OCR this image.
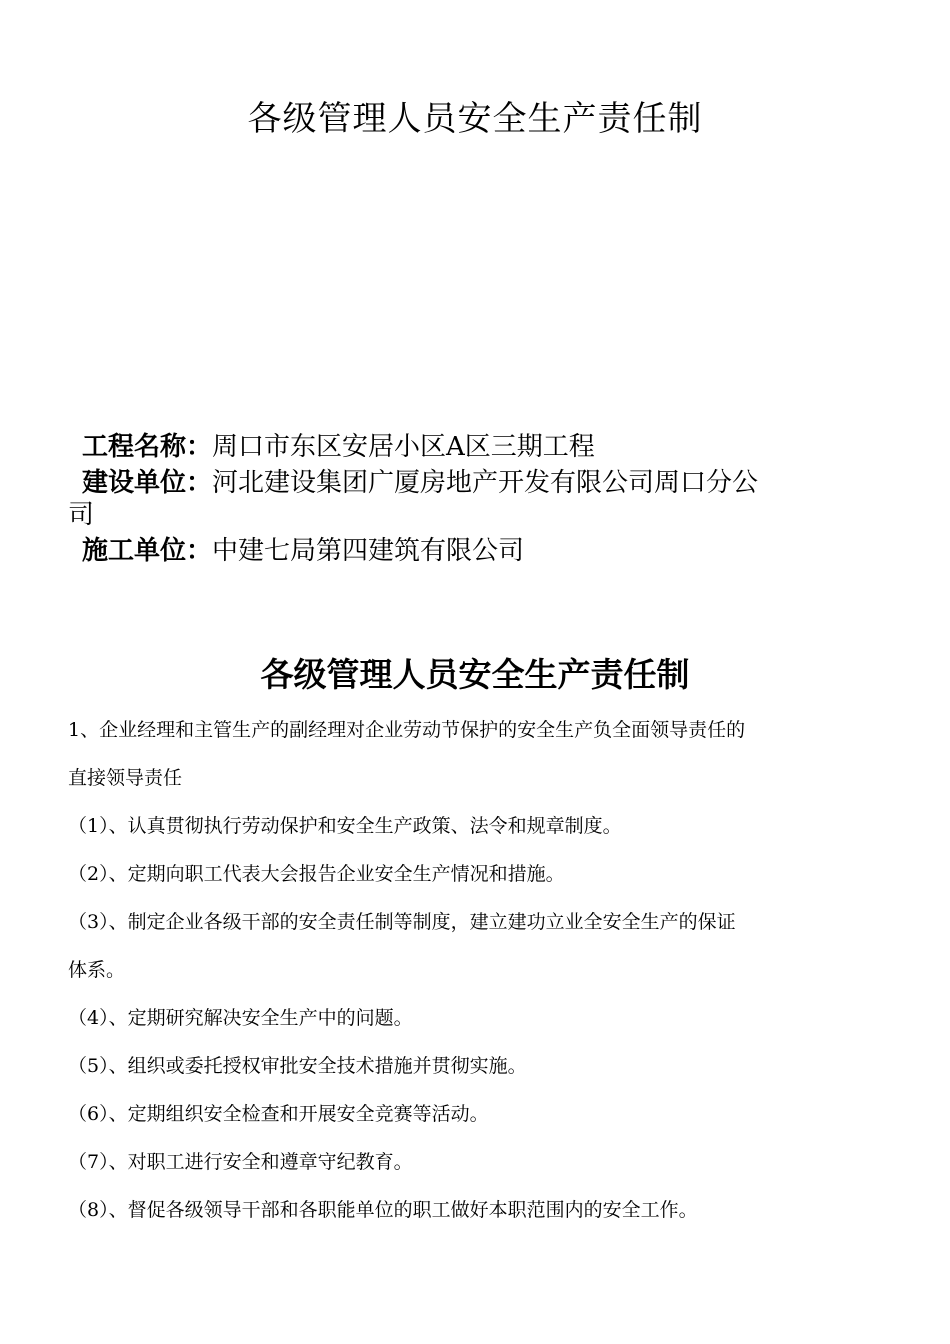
各级管理人员安全生产责任制

工程名称：周口市东区安居小区A区三期工程

建设单位：河北建设集团广厦房地产开发有限公司周口分公
司

施工单位：中建七局第四建筑有限公司

各级管理人员安全生产责任制

1、企业经理和主管生产的副经理对企业劳动节保护的安全生产负全面领导责任的

直接领导责任

（1）、认真贯彻执行劳动保护和安全生产政策、法令和规章制度。

（2）、定期向职工代表大会报告企业安全生产情况和措施。

（3）、制定企业各级干部的安全责任制等制度，建立建功立业全安全生产的保证

体系。

（4）、定期研究解决安全生产中的问题。

（5）、组织或委托授权审批安全技术措施并贯彻实施。

（6）、定期组织安全检查和开展安全竞赛等活动。

（7）、对职工进行安全和遵章守纪教育。

（8）、督促各级领导干部和各职能单位的职工做好本职范围内的安全工作。
